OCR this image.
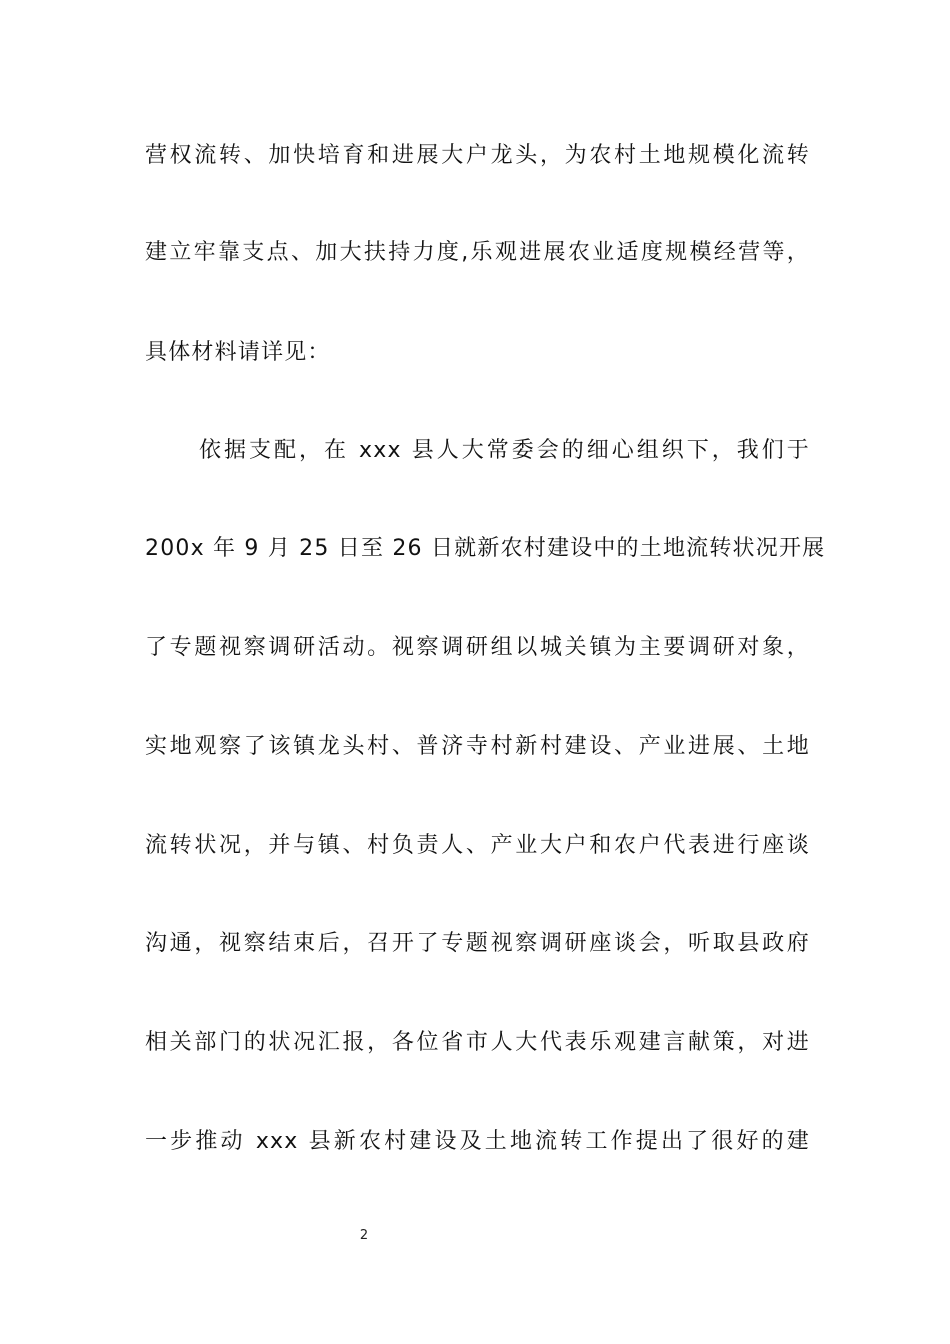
营权流转、加快培育和进展大户龙头，为农村土地规模化流转
建立牢靠支点、加大扶持力度,乐观进展农业适度规模经营等，
具体材料请详见：
依据支配，在 xxx 县人大常委会的细心组织下，我们于
200x 年 9 月 25 日至 26 日就新农村建设中的土地流转状况开展
了专题视察调研活动。视察调研组以城关镇为主要调研对象，
实地观察了该镇龙头村、普济寺村新村建设、产业进展、土地
流转状况，并与镇、村负责人、产业大户和农户代表进行座谈
沟通，视察结束后，召开了专题视察调研座谈会，听取县政府
相关部门的状况汇报，各位省市人大代表乐观建言献策，对进
一步推动 xxx 县新农村建设及土地流转工作提出了很好的建
2
